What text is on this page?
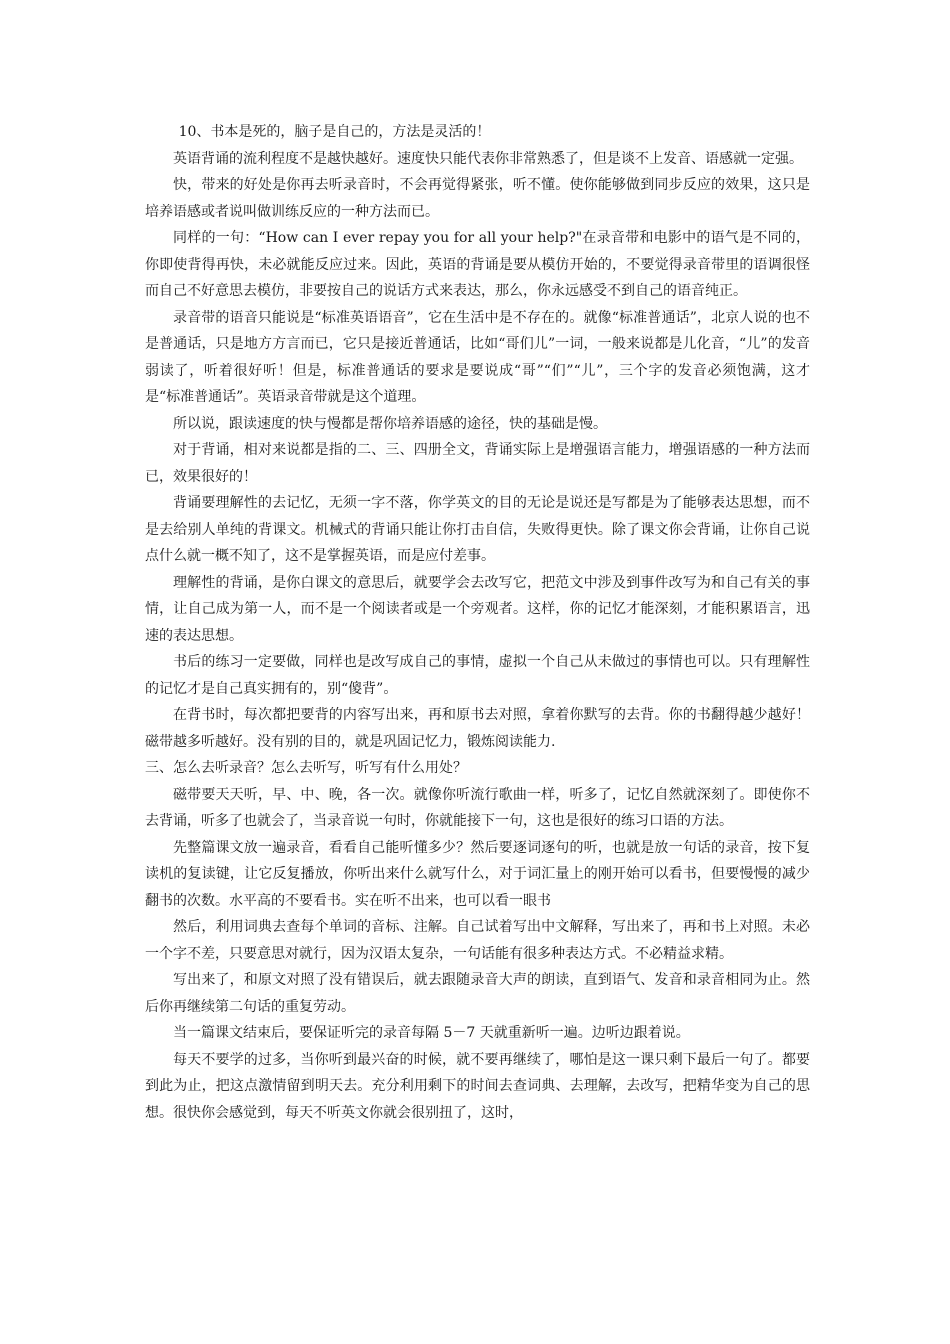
10、书本是死的，脑子是自己的，方法是灵活的！

英语背诵的流利程度不是越快越好。速度快只能代表你非常熟悉了，但是谈不上发音、语感就一定强。

快，带来的好处是你再去听录音时，不会再觉得紧张，听不懂。使你能够做到同步反应的效果，这只是培养语感或者说叫做训练反应的一种方法而已。

同样的一句：“How can I ever repay you for all your help?"在录音带和电影中的语气是不同的，你即使背得再快，未必就能反应过来。因此，英语的背诵是要从模仿开始的，不要觉得录音带里的语调很怪而自己不好意思去模仿，非要按自己的说话方式来表达，那么，你永远感受不到自己的语音纯正。

录音带的语音只能说是“标准英语语音”，它在生活中是不存在的。就像“标准普通话”，北京人说的也不是普通话，只是地方方言而已，它只是接近普通话，比如“哥们儿”一词，一般来说都是儿化音，“儿”的发音弱读了，听着很好听！但是，标准普通话的要求是要说成“哥”“们”“儿”，三个字的发音必须饱满，这才是“标准普通话”。英语录音带就是这个道理。

所以说，跟读速度的快与慢都是帮你培养语感的途径，快的基础是慢。

对于背诵，相对来说都是指的二、三、四册全文，背诵实际上是增强语言能力，增强语感的一种方法而已，效果很好的！

背诵要理解性的去记忆，无须一字不落，你学英文的目的无论是说还是写都是为了能够表达思想，而不是去给别人单纯的背课文。机械式的背诵只能让你打击自信，失败得更快。除了课文你会背诵，让你自己说点什么就一概不知了，这不是掌握英语，而是应付差事。

理解性的背诵，是你白课文的意思后，就要学会去改写它，把范文中涉及到事件改写为和自己有关的事情，让自己成为第一人，而不是一个阅读者或是一个旁观者。这样，你的记忆才能深刻，才能积累语言，迅速的表达思想。

书后的练习一定要做，同样也是改写成自己的事情，虚拟一个自己从未做过的事情也可以。只有理解性的记忆才是自己真实拥有的，别“傻背”。

在背书时，每次都把要背的内容写出来，再和原书去对照，拿着你默写的去背。你的书翻得越少越好！磁带越多听越好。没有别的目的，就是巩固记忆力，锻炼阅读能力.

三、怎么去听录音？怎么去听写，听写有什么用处？

磁带要天天听，早、中、晚，各一次。就像你听流行歌曲一样，听多了，记忆自然就深刻了。即使你不去背诵，听多了也就会了，当录音说一句时，你就能接下一句，这也是很好的练习口语的方法。

先整篇课文放一遍录音，看看自己能听懂多少？然后要逐词逐句的听，也就是放一句话的录音，按下复读机的复读键，让它反复播放，你听出来什么就写什么，对于词汇量上的刚开始可以看书，但要慢慢的减少翻书的次数。水平高的不要看书。实在听不出来，也可以看一眼书

然后，利用词典去查每个单词的音标、注解。自己试着写出中文解释，写出来了，再和书上对照。未必一个字不差，只要意思对就行，因为汉语太复杂，一句话能有很多种表达方式。不必精益求精。

写出来了，和原文对照了没有错误后，就去跟随录音大声的朗读，直到语气、发音和录音相同为止。然后你再继续第二句话的重复劳动。

当一篇课文结束后，要保证听完的录音每隔 5－7 天就重新听一遍。边听边跟着说。

每天不要学的过多，当你听到最兴奋的时候，就不要再继续了，哪怕是这一课只剩下最后一句了。都要到此为止，把这点激情留到明天去。充分利用剩下的时间去查词典、去理解，去改写，把精华变为自己的思想。很快你会感觉到，每天不听英文你就会很别扭了，这时，
